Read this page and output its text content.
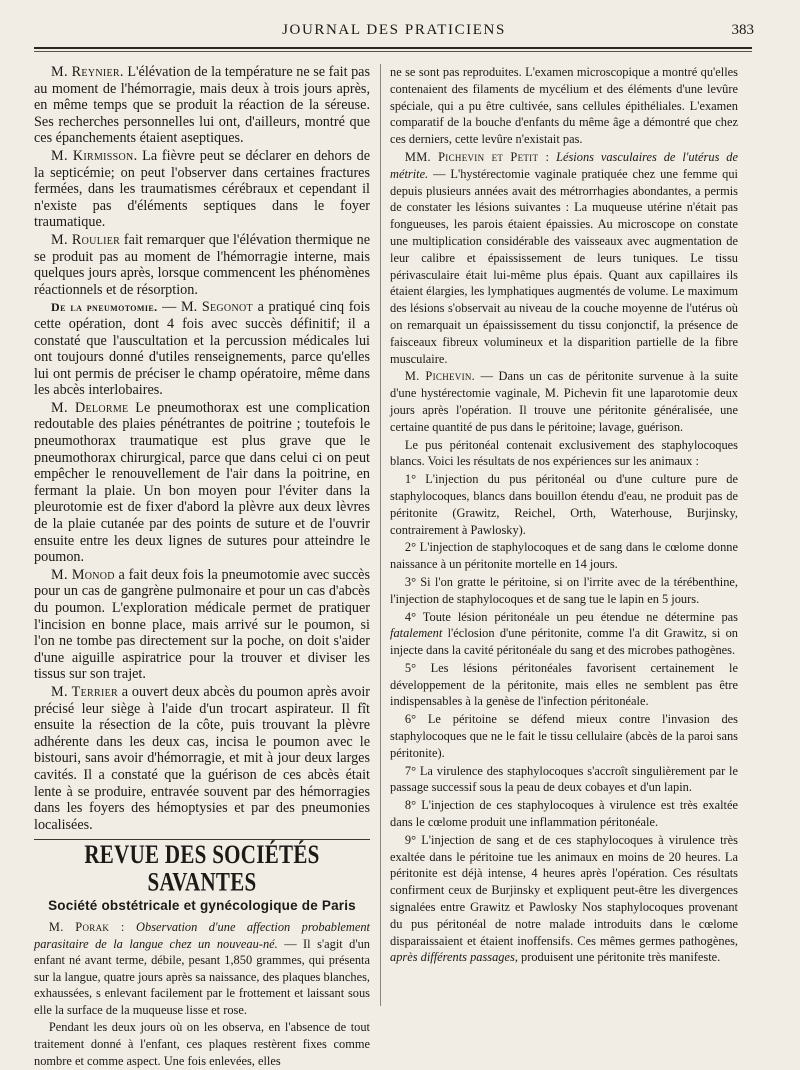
JOURNAL DES PRATICIENS	383

M. Reynier. L'élévation de la température ne se fait pas au moment de l'hémorragie, mais deux à trois jours après, en même temps que se produit la réaction de la séreuse. Ses recherches personnelles lui ont, d'ailleurs, montré que ces épanchements étaient aseptiques.

M. Kirmisson. La fièvre peut se déclarer en dehors de la septicémie; on peut l'observer dans certaines fractures fermées, dans les traumatismes cérébraux et cependant il n'existe pas d'éléments septiques dans le foyer traumatique.

M. Roulier fait remarquer que l'élévation thermique ne se produit pas au moment de l'hémorragie interne, mais quelques jours après, lorsque commencent les phénomènes réactionnels et de résorption.

De la pneumotomie. — M. Segonot a pratiqué cinq fois cette opération, dont 4 fois avec succès définitif; il a constaté que l'auscultation et la percussion médicales lui ont toujours donné d'utiles renseignements, parce qu'elles lui ont permis de préciser le champ opératoire, même dans les abcès interlobaires.

M. Delorme Le pneumothorax est une complication redoutable des plaies pénétrantes de poitrine ; toutefois le pneumothorax traumatique est plus grave que le pneumothorax chirurgical, parce que dans celui ci on peut empêcher le renouvellement de l'air dans la poitrine, en fermant la plaie. Un bon moyen pour l'éviter dans la pleurotomie est de fixer d'abord la plèvre aux deux lèvres de la plaie cutanée par des points de suture et de l'ouvrir ensuite entre les deux lignes de sutures pour atteindre le poumon.

M. Monod a fait deux fois la pneumotomie avec succès pour un cas de gangrène pulmonaire et pour un cas d'abcès du poumon. L'exploration médicale permet de pratiquer l'incision en bonne place, mais arrivé sur le poumon, si l'on ne tombe pas directement sur la poche, on doit s'aider d'une aiguille aspiratrice pour la trouver et diviser les tissus sur son trajet.

M. Terrier a ouvert deux abcès du poumon après avoir précisé leur siège à l'aide d'un trocart aspirateur. Il fît ensuite la résection de la côte, puis trouvant la plèvre adhérente dans les deux cas, incisa le poumon avec le bistouri, sans avoir d'hémorragie, et mit à jour deux larges cavités. Il a constaté que la guérison de ces abcès était lente à se produire, entravée souvent par des hémorragies dans les foyers des hémoptysies et par des pneumonies localisées.

REVUE DES SOCIÉTÉS SAVANTES
Société obstétricale et gynécologique de Paris

M. Porak : Observation d'une affection probablement parasitaire de la langue chez un nouveau-né. — Il s'agit d'un enfant né avant terme, débile, pesant 1,850 grammes, qui présenta sur la langue, quatre jours après sa naissance, des plaques blanches, exhaussées, s enlevant facilement par le frottement et laissant sous elle la surface de la muqueuse lisse et rose.

Pendant les deux jours où on les observa, en l'absence de tout traitement donné à l'enfant, ces plaques restèrent fixes comme nombre et comme aspect. Une fois enlevées, elles

ne se sont pas reproduites. L'examen microscopique a montré qu'elles contenaient des filaments de mycélium et des éléments d'une levûre spéciale, qui a pu être cultivée, sans cellules épithéliales. L'examen comparatif de la bouche d'enfants du même âge a démontré que chez ces derniers, cette levûre n'existait pas.

MM. Pichevin et Petit : Lésions vasculaires de l'utérus de métrite. — L'hystérectomie vaginale pratiquée chez une femme qui depuis plusieurs années avait des métrorrhagies abondantes, a permis de constater les lésions suivantes : La muqueuse utérine n'était pas fongueuses, les parois étaient épaissies. Au microscope on constate une multiplication considérable des vaisseaux avec augmentation de leur calibre et épaississement de leurs tuniques. Le tissu périvasculaire était lui-même plus épais. Quant aux capillaires ils étaient élargies, les lymphatiques augmentés de volume. Le maximum des lésions s'observait au niveau de la couche moyenne de l'utérus où on remarquait un épaississement du tissu conjonctif, la présence de faisceaux fibreux volumineux et la disparition partielle de la fibre musculaire.

M. Pichevin. — Dans un cas de péritonite survenue à la suite d'une hystérectomie vaginale, M. Pichevin fit une laparotomie deux jours après l'opération. Il trouve une péritonite généralisée, une certaine quantité de pus dans le péritoine; lavage, guérison.

Le pus péritonéal contenait exclusivement des staphylocoques blancs. Voici les résultats de nos expériences sur les animaux :

1° L'injection du pus péritonéal ou d'une culture pure de staphylocoques, blancs dans bouillon étendu d'eau, ne produit pas de péritonite (Grawitz, Reichel, Orth, Waterhouse, Burjinsky, contrairement à Pawlosky).

2° L'injection de staphylocoques et de sang dans le cœlome donne naissance à un péritonite mortelle en 14 jours.

3° Si l'on gratte le péritoine, si on l'irrite avec de la térébenthine, l'injection de staphylocoques et de sang tue le lapin en 5 jours.

4° Toute lésion péritonéale un peu étendue ne détermine pas fatalement l'éclosion d'une péritonite, comme l'a dit Grawitz, si on injecte dans la cavité péritonéale du sang et des microbes pathogènes.

5° Les lésions péritonéales favorisent certainement le développement de la péritonite, mais elles ne semblent pas être indispensables à la genèse de l'infection péritonéale.

6° Le péritoine se défend mieux contre l'invasion des staphylocoques que ne le fait le tissu cellulaire (abcès de la paroi sans péritonite).

7° La virulence des staphylocoques s'accroît singulièrement par le passage successif sous la peau de deux cobayes et d'un lapin.

8° L'injection de ces staphylocoques à virulence est très exaltée dans le cœlome produit une inflammation péritonéale.

9° L'injection de sang et de ces staphylocoques à virulence très exaltée dans le péritoine tue les animaux en moins de 20 heures. La péritonite est déjà intense, 4 heures après l'opération. Ces résultats confirment ceux de Burjinsky et expliquent peut-être les divergences signalées entre Grawitz et Pawlosky Nos staphylocoques provenant du pus péritonéal de notre malade introduits dans le cœlome disparaissaient et étaient inoffensifs. Ces mêmes germes pathogènes, après différents passages, produisent une péritonite très manifeste.
